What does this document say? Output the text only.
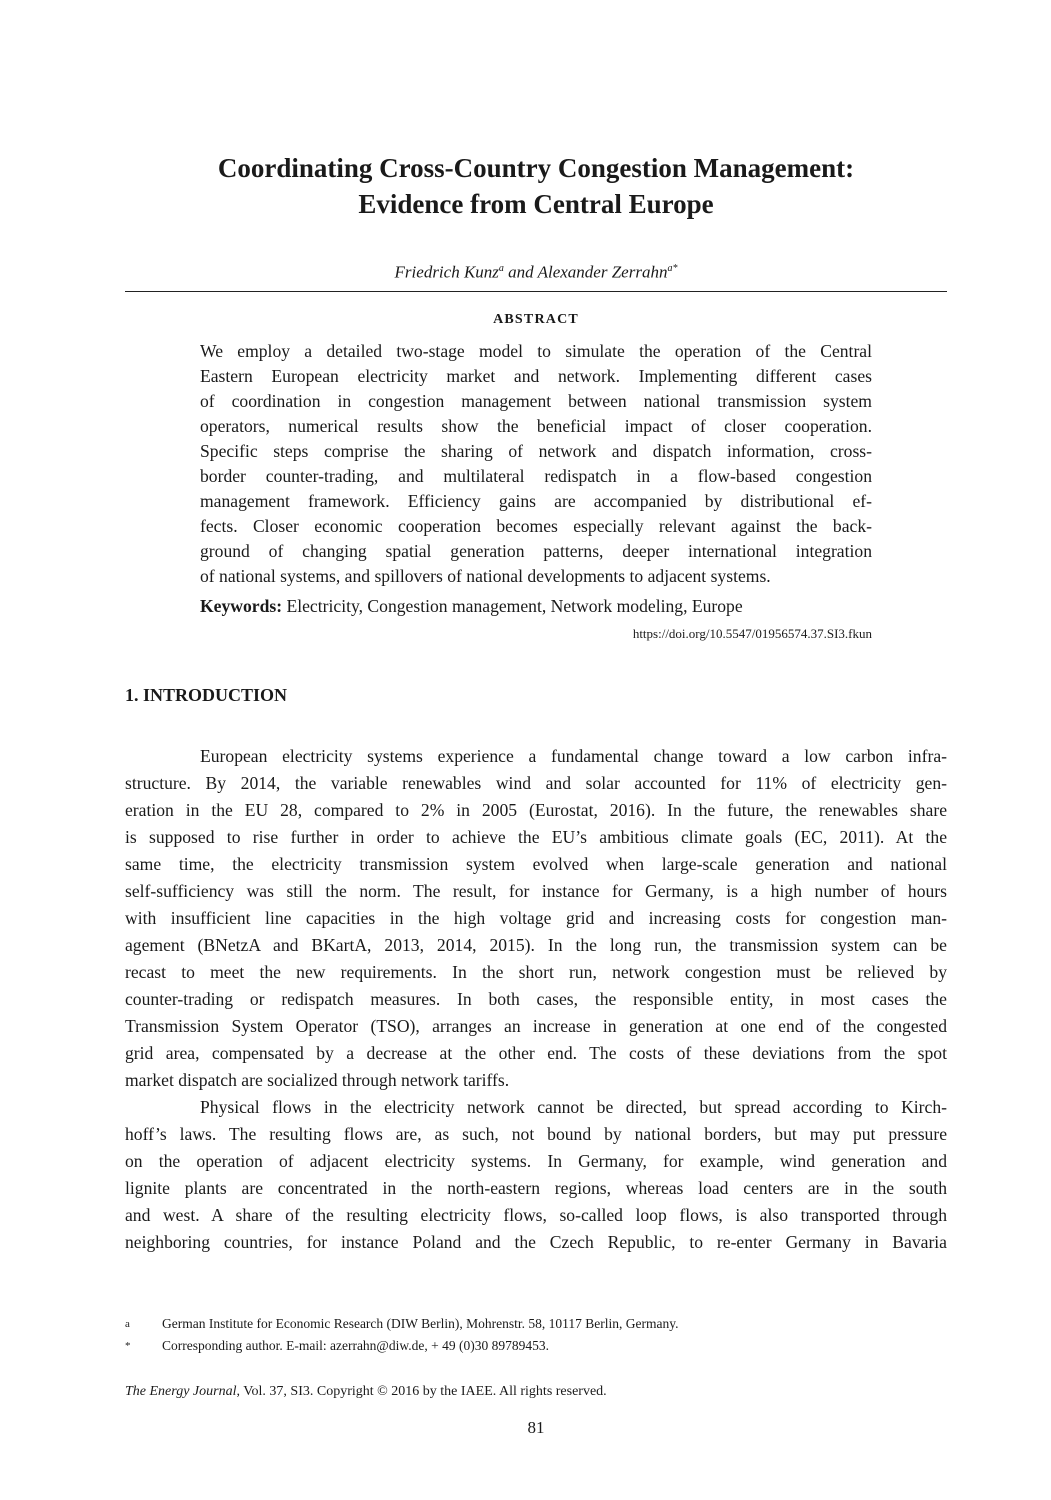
Coordinating Cross-Country Congestion Management:
Evidence from Central Europe
Friedrich Kunz$^a$ and Alexander Zerrahn$^{a*}$
ABSTRACT
We employ a detailed two-stage model to simulate the operation of the Central
Eastern European electricity market and network. Implementing different cases
of coordination in congestion management between national transmission system
operators, numerical results show the beneficial impact of closer cooperation.
Specific steps comprise the sharing of network and dispatch information, cross-
border counter-trading, and multilateral redispatch in a flow-based congestion
management framework. Efficiency gains are accompanied by distributional ef-
fects. Closer economic cooperation becomes especially relevant against the back-
ground of changing spatial generation patterns, deeper international integration
of national systems, and spillovers of national developments to adjacent systems.
Keywords: Electricity, Congestion management, Network modeling, Europe
https://doi.org/10.5547/01956574.37.SI3.fkun
1. INTRODUCTION
European electricity systems experience a fundamental change toward a low carbon infra-
structure. By 2014, the variable renewables wind and solar accounted for 11% of electricity gen-
eration in the EU 28, compared to 2% in 2005 (Eurostat, 2016). In the future, the renewables share
is supposed to rise further in order to achieve the EU’s ambitious climate goals (EC, 2011). At the
same time, the electricity transmission system evolved when large-scale generation and national
self-sufficiency was still the norm. The result, for instance for Germany, is a high number of hours
with insufficient line capacities in the high voltage grid and increasing costs for congestion man-
agement (BNetzA and BKartA, 2013, 2014, 2015). In the long run, the transmission system can be
recast to meet the new requirements. In the short run, network congestion must be relieved by
counter-trading or redispatch measures. In both cases, the responsible entity, in most cases the
Transmission System Operator (TSO), arranges an increase in generation at one end of the congested
grid area, compensated by a decrease at the other end. The costs of these deviations from the spot
market dispatch are socialized through network tariffs.
Physical flows in the electricity network cannot be directed, but spread according to Kirch-
hoff’s laws. The resulting flows are, as such, not bound by national borders, but may put pressure
on the operation of adjacent electricity systems. In Germany, for example, wind generation and
lignite plants are concentrated in the north-eastern regions, whereas load centers are in the south
and west. A share of the resulting electricity flows, so-called loop flows, is also transported through
neighboring countries, for instance Poland and the Czech Republic, to re-enter Germany in Bavaria
a German Institute for Economic Research (DIW Berlin), Mohrenstr. 58, 10117 Berlin, Germany.
* Corresponding author. E-mail: azerrahn@diw.de, + 49 (0)30 89789453.
The Energy Journal, Vol. 37, SI3. Copyright © 2016 by the IAEE. All rights reserved.
81
